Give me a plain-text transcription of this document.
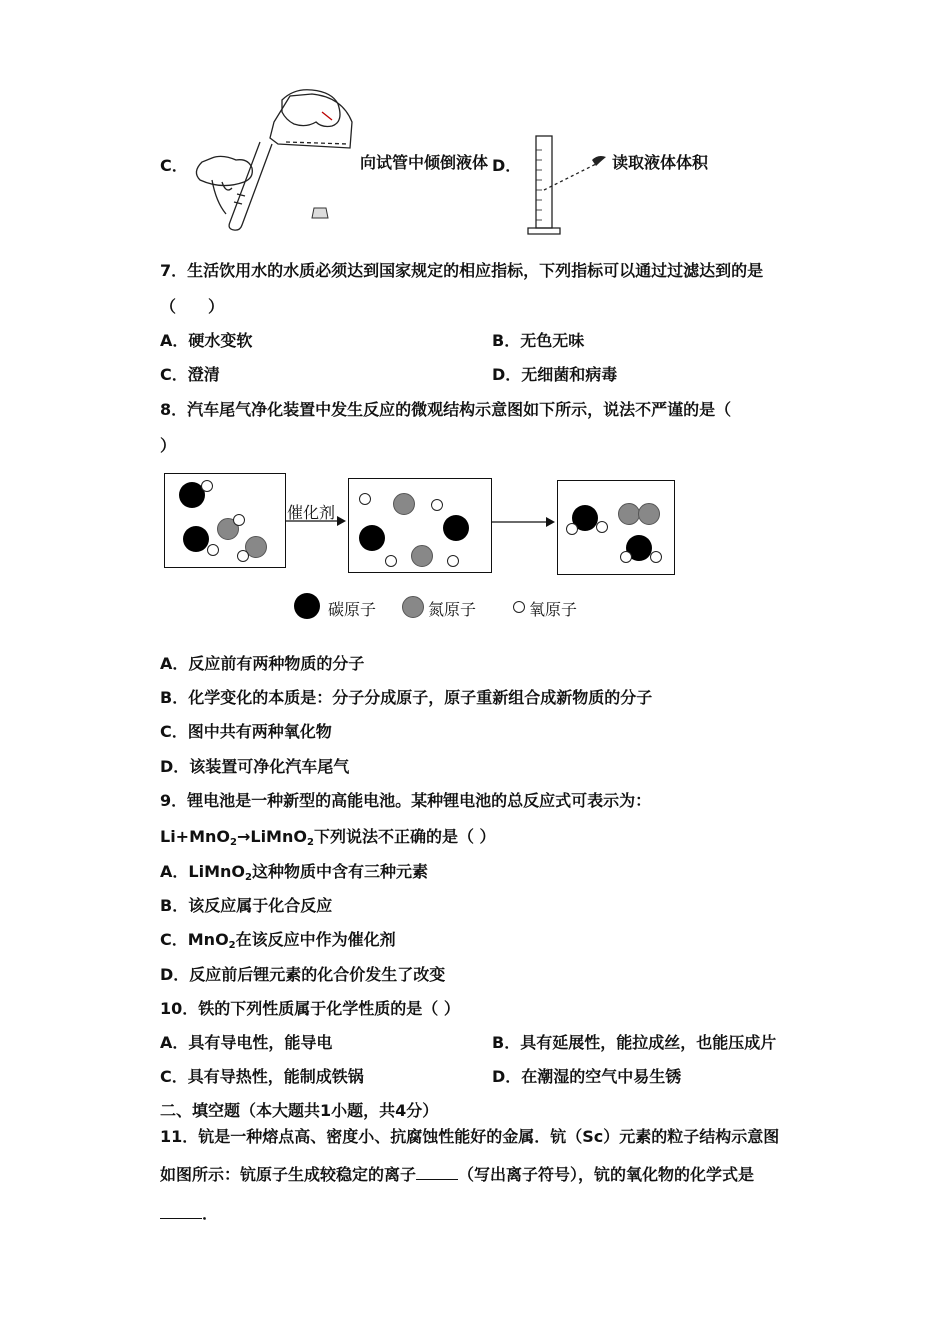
C．	向试管中倾倒液体 D．	读取液体体积
7．生活饮用水的水质必须达到国家规定的相应指标，下列指标可以通过过滤达到的是
（　　）
A．硬水变软	B．无色无味
C．澄清	D．无细菌和病毒
8．汽车尾气净化装置中发生反应的微观结构示意图如下所示，说法不严谨的是（
）
催化剂
碳原子	氮原子	氧原子
A．反应前有两种物质的分子
B．化学变化的本质是：分子分成原子，原子重新组合成新物质的分子
C．图中共有两种氧化物
D．该装置可净化汽车尾气
9．锂电池是一种新型的高能电池。某种锂电池的总反应式可表示为：
Li+MnO$_2$→LiMnO$_2$下列说法不正确的是（ ）
A．LiMnO$_2$这种物质中含有三种元素
B．该反应属于化合反应
C．MnO$_2$在该反应中作为催化剂
D．反应前后锂元素的化合价发生了改变
10．铁的下列性质属于化学性质的是（ ）
A．具有导电性，能导电	B．具有延展性，能拉成丝，也能压成片
C．具有导热性，能制成铁锅	D．在潮湿的空气中易生锈
二、填空题（本大题共1小题，共4分）
11．钪是一种熔点高、密度小、抗腐蚀性能好的金属．钪（Sc）元素的粒子结构示意图
如图所示：钪原子生成较稳定的离子	（写出离子符号），钪的氧化物的化学式是
．
